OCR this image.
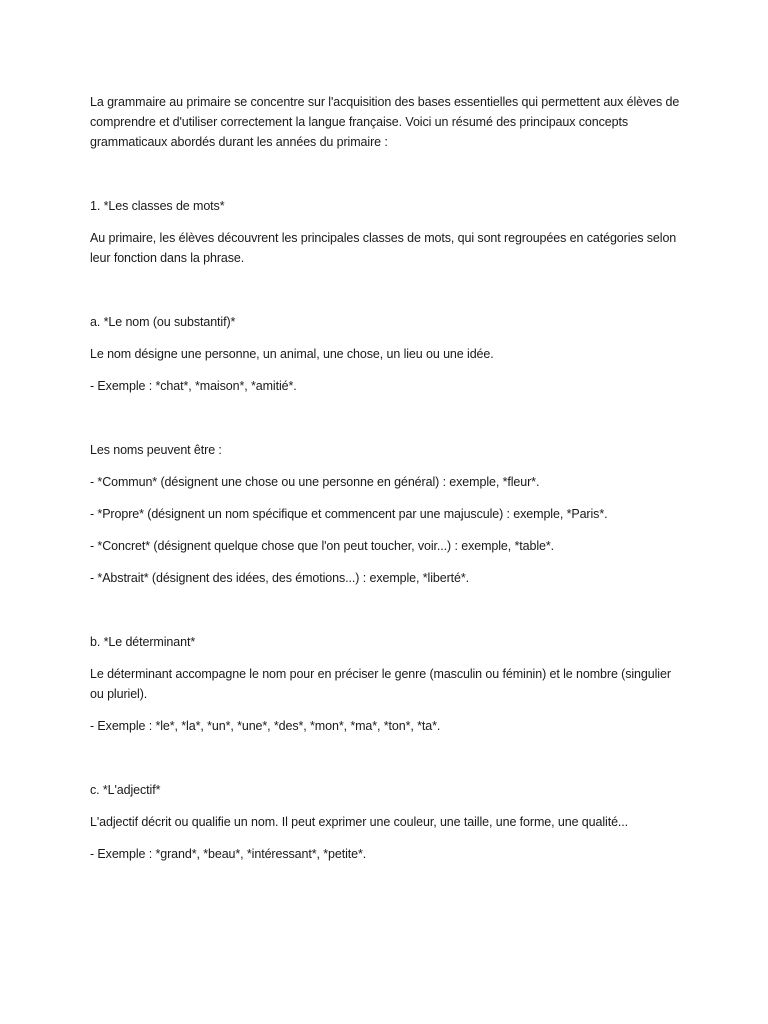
La grammaire au primaire se concentre sur l'acquisition des bases essentielles qui permettent aux élèves de comprendre et d'utiliser correctement la langue française. Voici un résumé des principaux concepts grammaticaux abordés durant les années du primaire :

1. *Les classes de mots*

Au primaire, les élèves découvrent les principales classes de mots, qui sont regroupées en catégories selon leur fonction dans la phrase.

a. *Le nom (ou substantif)*

Le nom désigne une personne, un animal, une chose, un lieu ou une idée.

- Exemple : *chat*, *maison*, *amitié*.

Les noms peuvent être :

- *Commun* (désignent une chose ou une personne en général) : exemple, *fleur*.

- *Propre* (désignent un nom spécifique et commencent par une majuscule) : exemple, *Paris*.

- *Concret* (désignent quelque chose que l'on peut toucher, voir...) : exemple, *table*.

- *Abstrait* (désignent des idées, des émotions...) : exemple, *liberté*.

b. *Le déterminant*

Le déterminant accompagne le nom pour en préciser le genre (masculin ou féminin) et le nombre (singulier ou pluriel).

- Exemple : *le*, *la*, *un*, *une*, *des*, *mon*, *ma*, *ton*, *ta*.

c. *L'adjectif*

L'adjectif décrit ou qualifie un nom. Il peut exprimer une couleur, une taille, une forme, une qualité...

- Exemple : *grand*, *beau*, *intéressant*, *petite*.
